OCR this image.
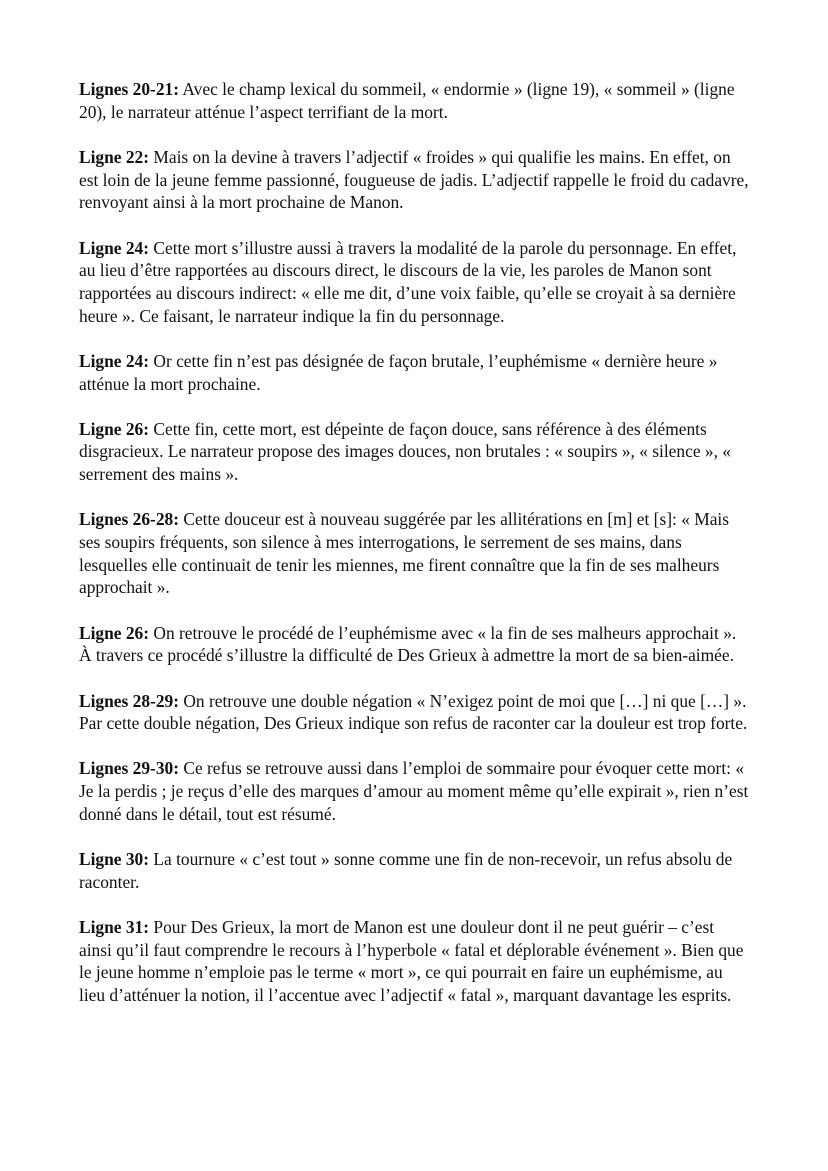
Lignes 20-21: Avec le champ lexical du sommeil, « endormie » (ligne 19), « sommeil » (ligne 20), le narrateur atténue l’aspect terrifiant de la mort.

Ligne 22: Mais on la devine à travers l’adjectif « froides » qui qualifie les mains. En effet, on est loin de la jeune femme passionné, fougueuse de jadis. L’adjectif rappelle le froid du cadavre, renvoyant ainsi à la mort prochaine de Manon.

Ligne 24: Cette mort s’illustre aussi à travers la modalité de la parole du personnage. En effet, au lieu d’être rapportées au discours direct, le discours de la vie, les paroles de Manon sont rapportées au discours indirect: « elle me dit, d’une voix faible, qu’elle se croyait à sa dernière heure ». Ce faisant, le narrateur indique la fin du personnage.

Ligne 24: Or cette fin n’est pas désignée de façon brutale, l’euphémisme « dernière heure » atténue la mort prochaine.

Ligne 26: Cette fin, cette mort, est dépeinte de façon douce, sans référence à des éléments disgracieux. Le narrateur propose des images douces, non brutales : « soupirs », « silence », « serrement des mains ».

Lignes 26-28: Cette douceur est à nouveau suggérée par les allitérations en [m] et [s]: « Mais ses soupirs fréquents, son silence à mes interrogations, le serrement de ses mains, dans lesquelles elle continuait de tenir les miennes, me firent connaître que la fin de ses malheurs approchait ».

Ligne 26: On retrouve le procédé de l’euphémisme avec « la fin de ses malheurs approchait ». À travers ce procédé s’illustre la difficulté de Des Grieux à admettre la mort de sa bien-aimée.

Lignes 28-29: On retrouve une double négation « N’exigez point de moi que […] ni que […] ». Par cette double négation, Des Grieux indique son refus de raconter car la douleur est trop forte.

Lignes 29-30: Ce refus se retrouve aussi dans l’emploi de sommaire pour évoquer cette mort: « Je la perdis ; je reçus d’elle des marques d’amour au moment même qu’elle expirait », rien n’est donné dans le détail, tout est résumé.

Ligne 30: La tournure « c’est tout » sonne comme une fin de non-recevoir, un refus absolu de raconter.

Ligne 31: Pour Des Grieux, la mort de Manon est une douleur dont il ne peut guérir – c’est ainsi qu’il faut comprendre le recours à l’hyperbole « fatal et déplorable événement ». Bien que le jeune homme n’emploie pas le terme « mort », ce qui pourrait en faire un euphémisme, au lieu d’atténuer la notion, il l’accentue avec l’adjectif « fatal », marquant davantage les esprits.
